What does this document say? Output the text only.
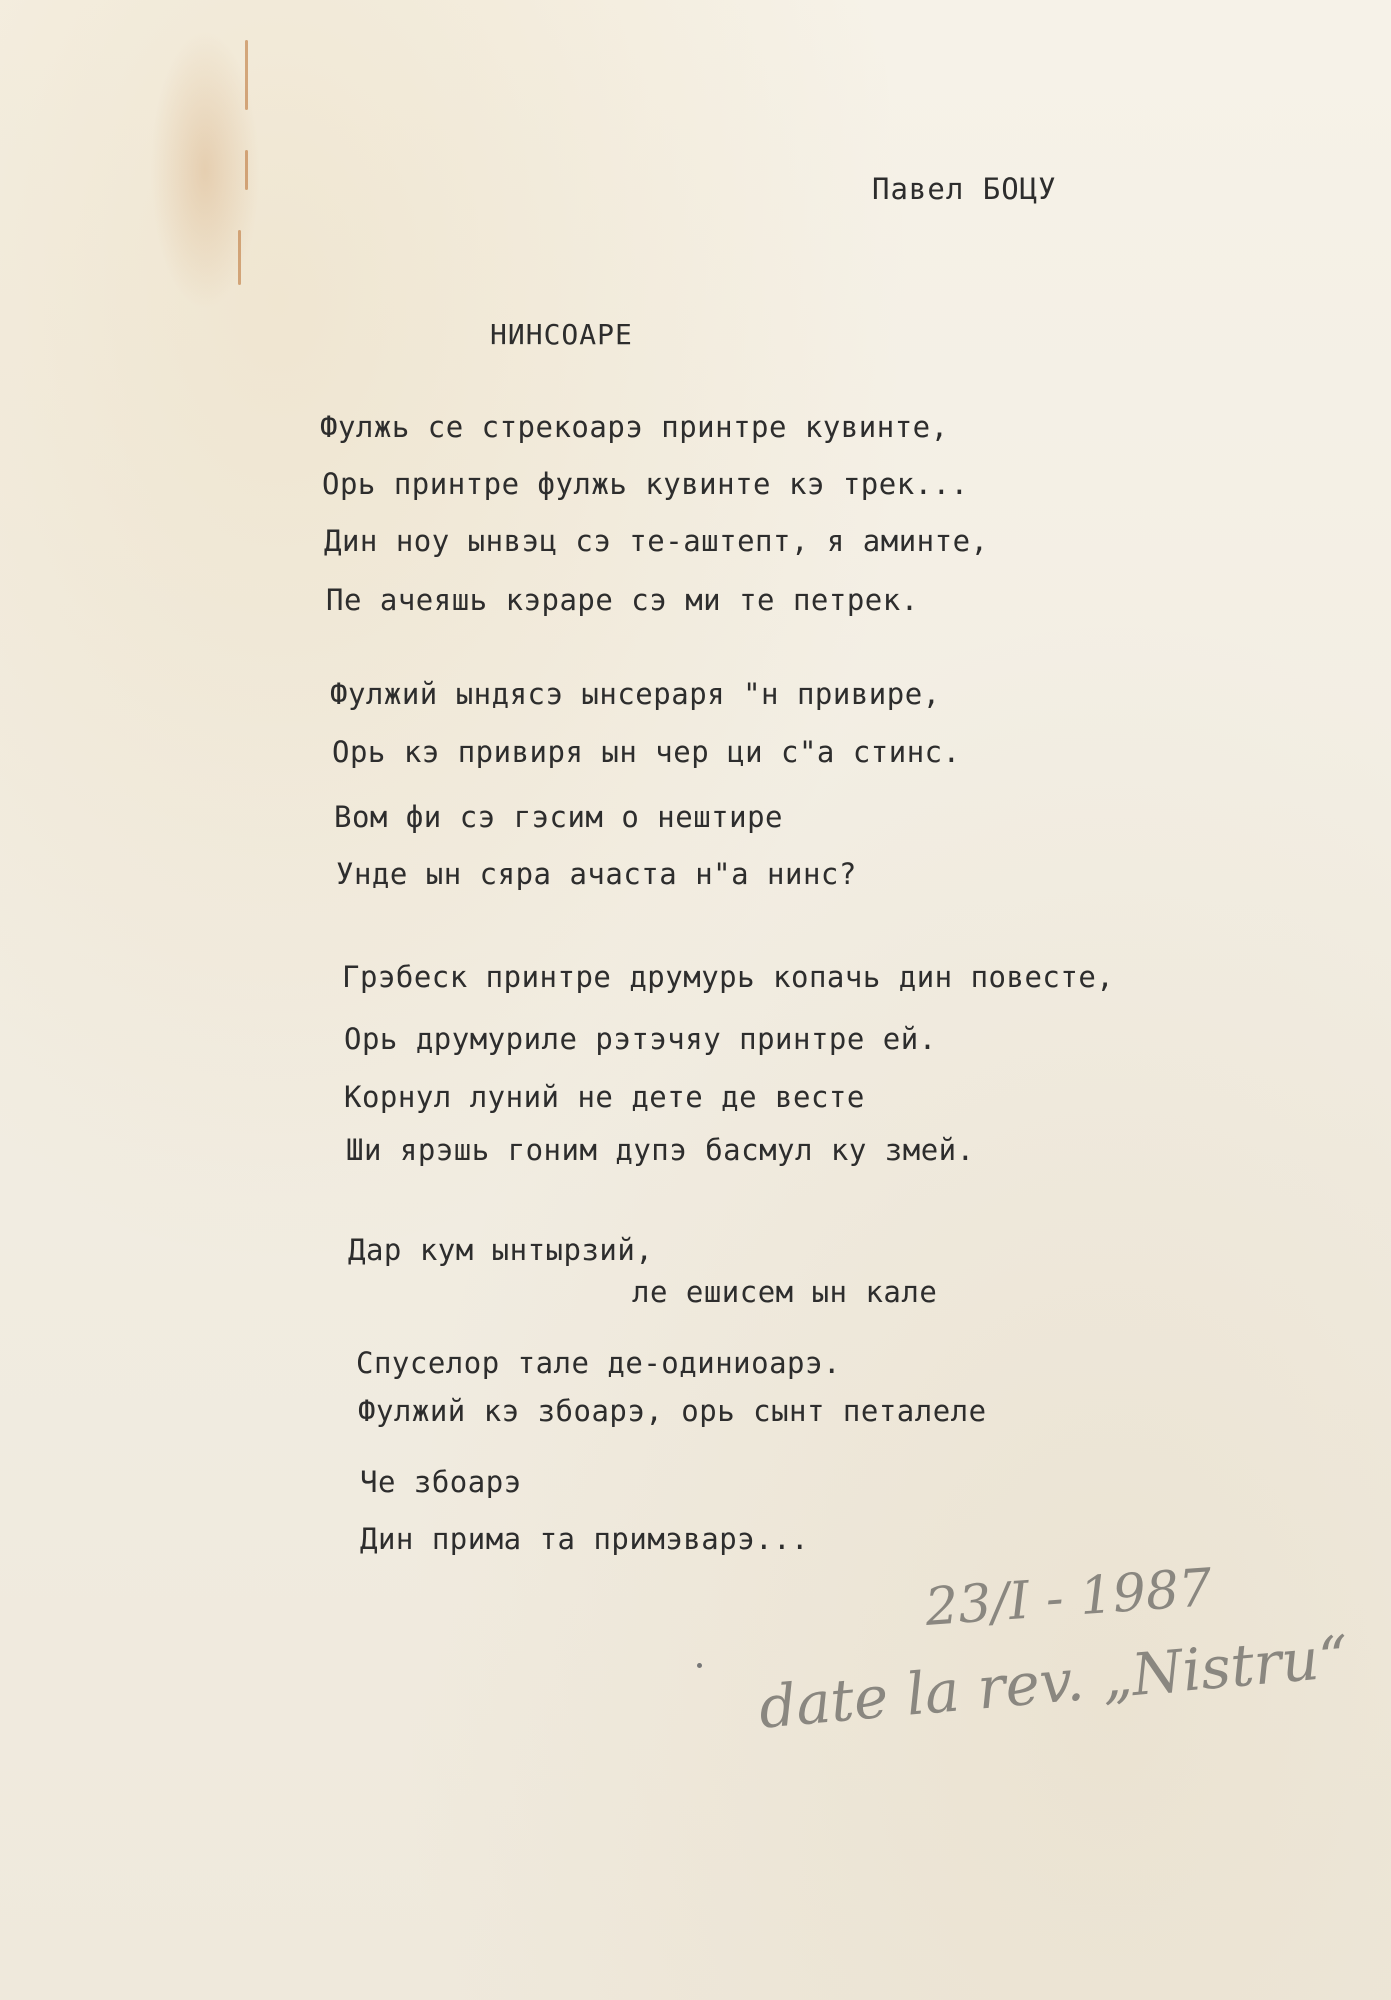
Павел БОЦУ
НИНСОАРЕ
Фулжь се стрекоарэ принтре кувинте,
Орь принтре фулжь кувинте кэ трек...
Дин ноу ынвэц сэ те-аштепт, я аминте,
Пе ачеяшь кэраре сэ ми те петрек.
Фулжий ындясэ ынсераря "н привире,
Орь кэ привиря ын чер ци с"а стинс.
Вом фи сэ гэсим о нештире
Унде ын сяра ачаста н"а нинс?
Грэбеск принтре друмурь копачь дин повесте,
Орь друмуриле рэтэчяу принтре ей.
Корнул луний не дете де весте
Ши ярэшь гоним дупэ басмул ку змей.
Дар кум ынтырзий,
ле ешисем ын кале
Спуселор тале де-одиниоарэ.
Фулжий кэ збоарэ, орь сынт петалеле
Че збоарэ
Дин прима та примэварэ...
23/I - 1987
date la rev. „Nistru“
